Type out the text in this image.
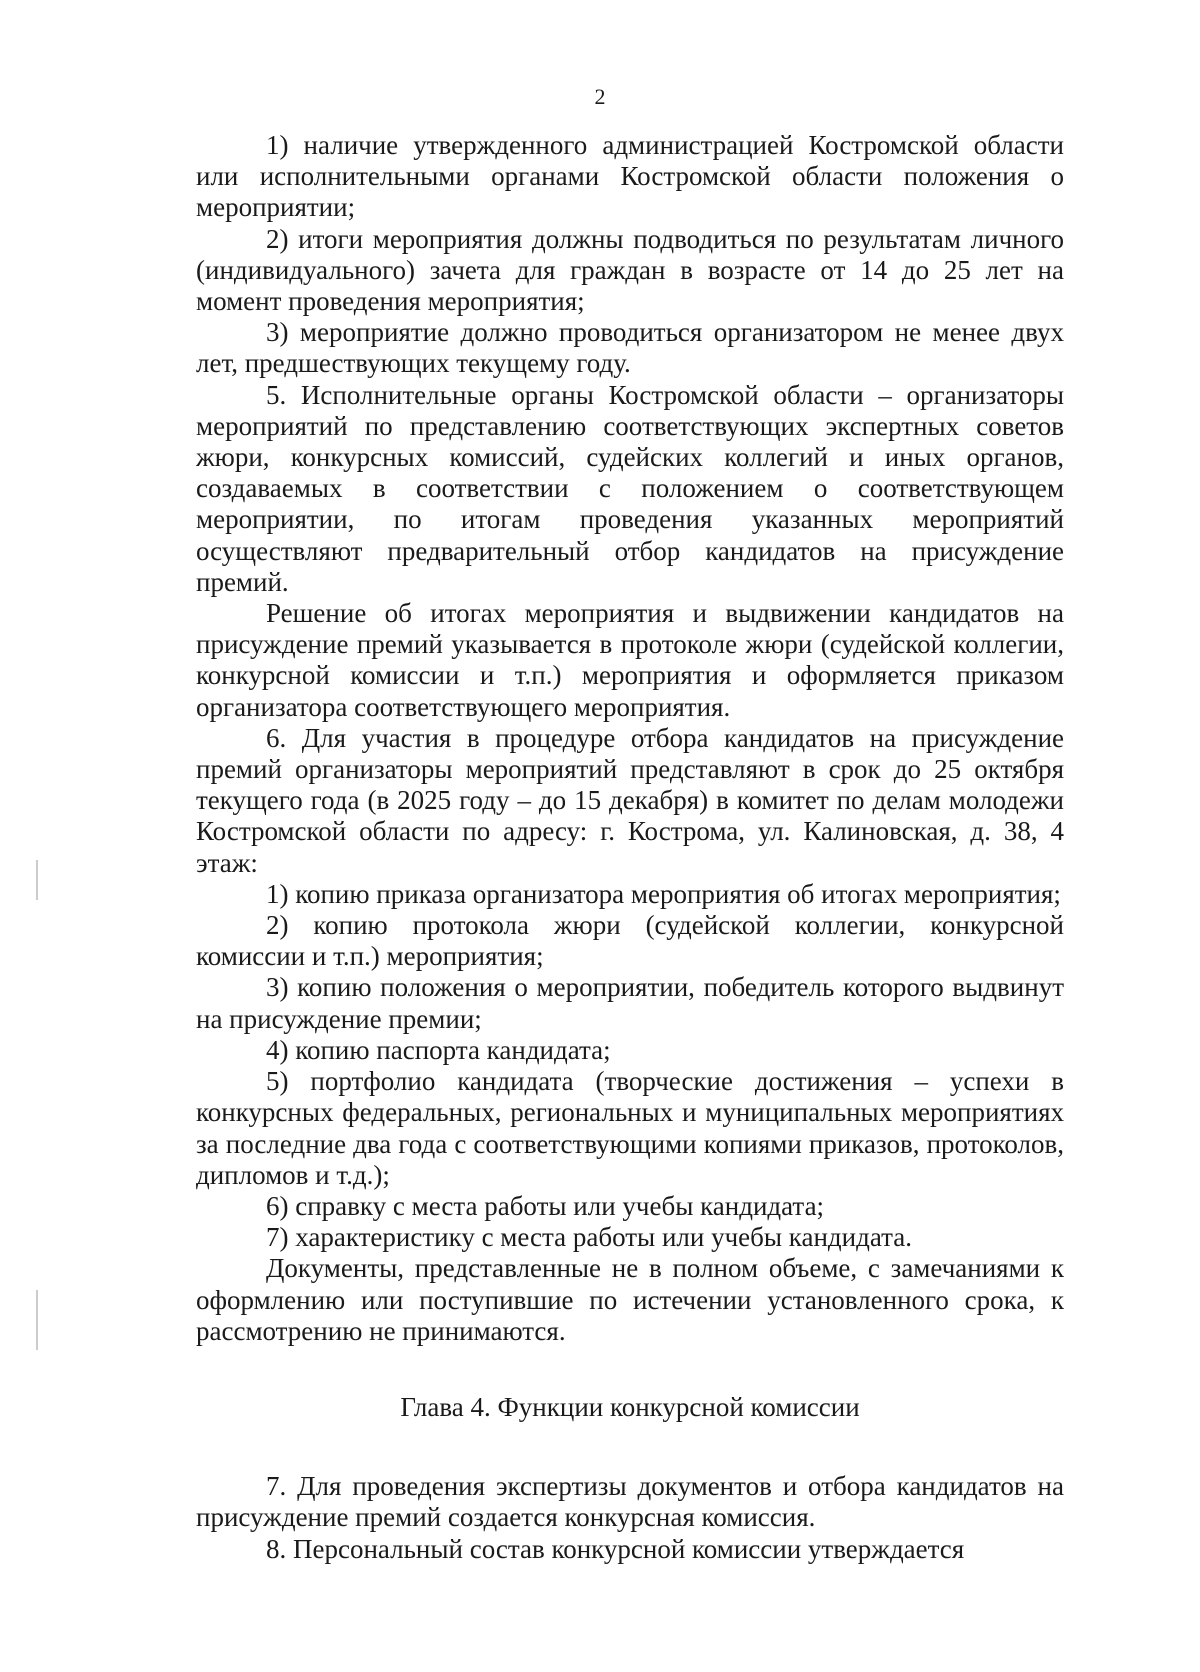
2

1) наличие утвержденного администрацией Костромской области или исполнительными органами Костромской области положения о мероприятии;

2) итоги мероприятия должны подводиться по результатам личного (индивидуального) зачета для граждан в возрасте от 14 до 25 лет на момент проведения мероприятия;

3) мероприятие должно проводиться организатором не менее двух лет, предшествующих текущему году.

5. Исполнительные органы Костромской области – организаторы мероприятий по представлению соответствующих экспертных советов жюри, конкурсных комиссий, судейских коллегий и иных органов, создаваемых в соответствии с положением о соответствующем мероприятии, по итогам проведения указанных мероприятий осуществляют предварительный отбор кандидатов на присуждение премий.

Решение об итогах мероприятия и выдвижении кандидатов на присуждение премий указывается в протоколе жюри (судейской коллегии, конкурсной комиссии и т.п.) мероприятия и оформляется приказом организатора соответствующего мероприятия.

6. Для участия в процедуре отбора кандидатов на присуждение премий организаторы мероприятий представляют в срок до 25 октября текущего года (в 2025 году – до 15 декабря) в комитет по делам молодежи Костромской области по адресу: г. Кострома, ул. Калиновская, д. 38, 4 этаж:

1) копию приказа организатора мероприятия об итогах мероприятия;

2) копию протокола жюри (судейской коллегии, конкурсной комиссии и т.п.) мероприятия;

3) копию положения о мероприятии, победитель которого выдвинут на присуждение премии;

4) копию паспорта кандидата;

5) портфолио кандидата (творческие достижения – успехи в конкурсных федеральных, региональных и муниципальных мероприятиях за последние два года с соответствующими копиями приказов, протоколов, дипломов и т.д.);

6) справку с места работы или учебы кандидата;

7) характеристику с места работы или учебы кандидата.

Документы, представленные не в полном объеме, с замечаниями к оформлению или поступившие по истечении установленного срока, к рассмотрению не принимаются.

Глава 4. Функции конкурсной комиссии

7. Для проведения экспертизы документов и отбора кандидатов на присуждение премий создается конкурсная комиссия.

8. Персональный состав конкурсной комиссии утверждается
